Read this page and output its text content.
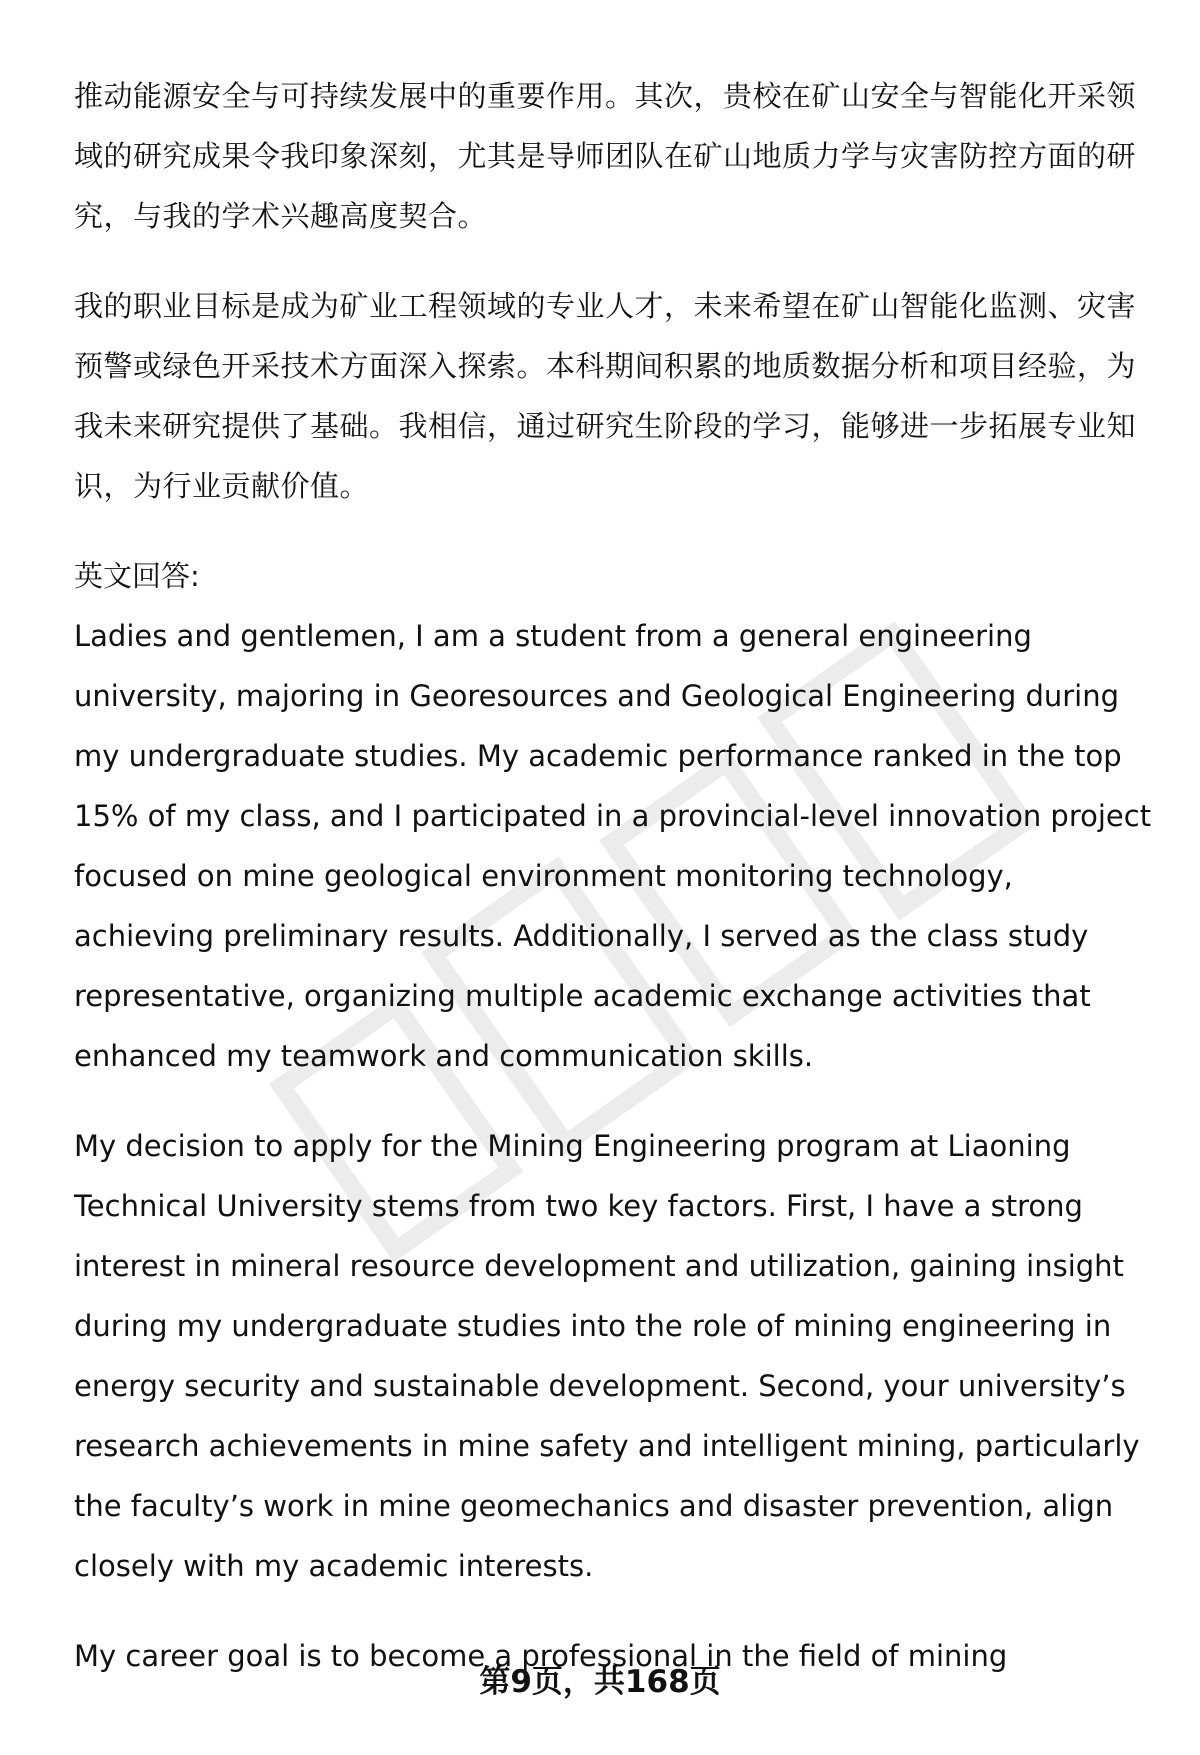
推动能源安全与可持续发展中的重要作用。其次，贵校在矿山安全与智能化开采领域的研究成果令我印象深刻，尤其是导师团队在矿山地质力学与灾害防控方面的研究，与我的学术兴趣高度契合。

我的职业目标是成为矿业工程领域的专业人才，未来希望在矿山智能化监测、灾害预警或绿色开采技术方面深入探索。本科期间积累的地质数据分析和项目经验，为我未来研究提供了基础。我相信，通过研究生阶段的学习，能够进一步拓展专业知识，为行业贡献价值。

英文回答:

Ladies and gentlemen, I am a student from a general engineering university, majoring in Georesources and Geological Engineering during my undergraduate studies. My academic performance ranked in the top 15% of my class, and I participated in a provincial-level innovation project focused on mine geological environment monitoring technology, achieving preliminary results. Additionally, I served as the class study representative, organizing multiple academic exchange activities that enhanced my teamwork and communication skills.

My decision to apply for the Mining Engineering program at Liaoning Technical University stems from two key factors. First, I have a strong interest in mineral resource development and utilization, gaining insight during my undergraduate studies into the role of mining engineering in energy security and sustainable development. Second, your university’s research achievements in mine safety and intelligent mining, particularly the faculty’s work in mine geomechanics and disaster prevention, align closely with my academic interests.

My career goal is to become a professional in the field of mining

第9页，共168页
